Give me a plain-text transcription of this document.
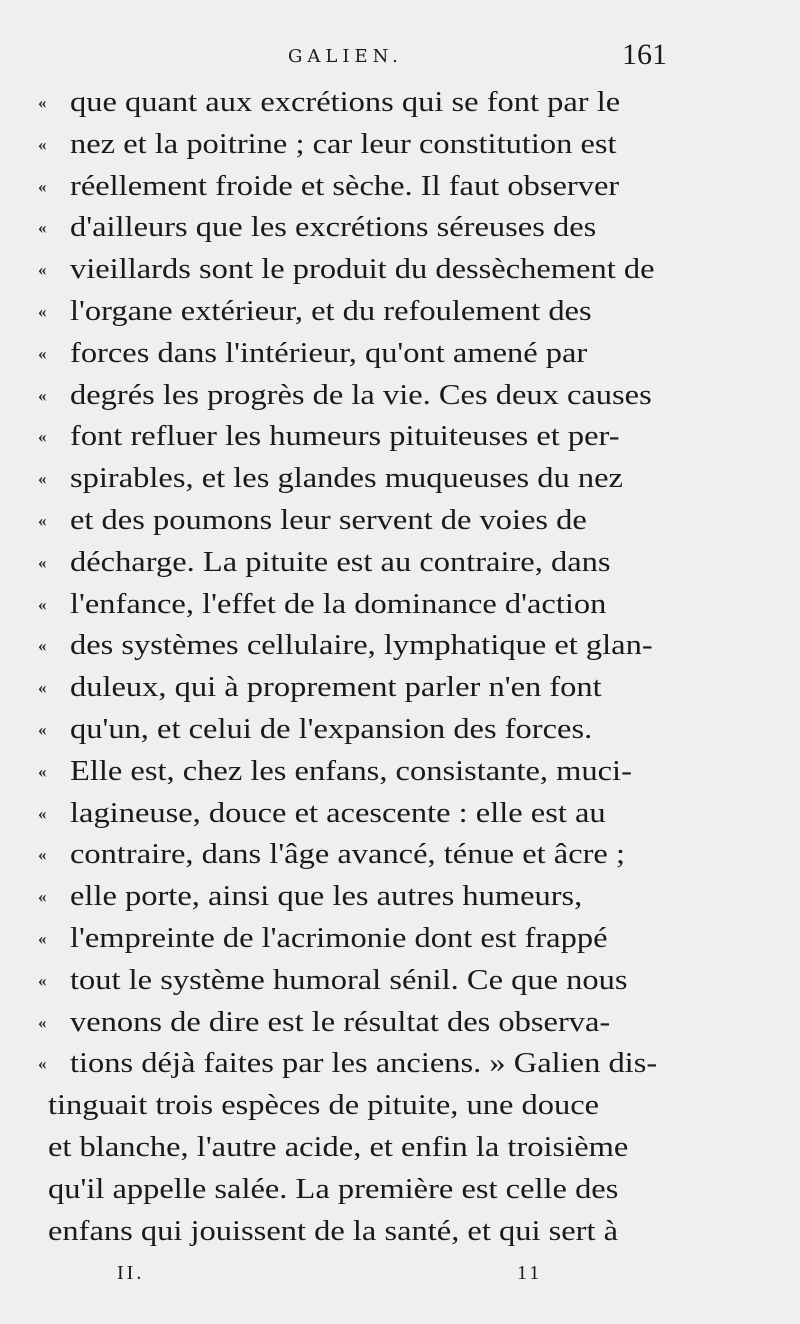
GALIEN.	161
« que quant aux excrétions qui se font par le
« nez et la poitrine ; car leur constitution est
« réellement froide et sèche. Il faut observer
« d'ailleurs que les excrétions séreuses des
« vieillards sont le produit du dessèchement de
« l'organe extérieur, et du refoulement des
« forces dans l'intérieur, qu'ont amené par
« degrés les progrès de la vie. Ces deux causes
« font refluer les humeurs pituiteuses et per-
« spirables, et les glandes muqueuses du nez
« et des poumons leur servent de voies de
« décharge. La pituite est au contraire, dans
« l'enfance, l'effet de la dominance d'action
« des systèmes cellulaire, lymphatique et glan-
« duleux, qui à proprement parler n'en font
« qu'un, et celui de l'expansion des forces.
« Elle est, chez les enfans, consistante, muci-
« lagineuse, douce et acescente : elle est au
« contraire, dans l'âge avancé, ténue et âcre ;
« elle porte, ainsi que les autres humeurs,
« l'empreinte de l'acrimonie dont est frappé
« tout le système humoral sénil. Ce que nous
« venons de dire est le résultat des observa-
« tions déjà faites par les anciens. » Galien dis-
tinguait trois espèces de pituite, une douce
et blanche, l'autre acide, et enfin la troisième
qu'il appelle salée. La première est celle des
enfans qui jouissent de la santé, et qui sert à
II.	11
